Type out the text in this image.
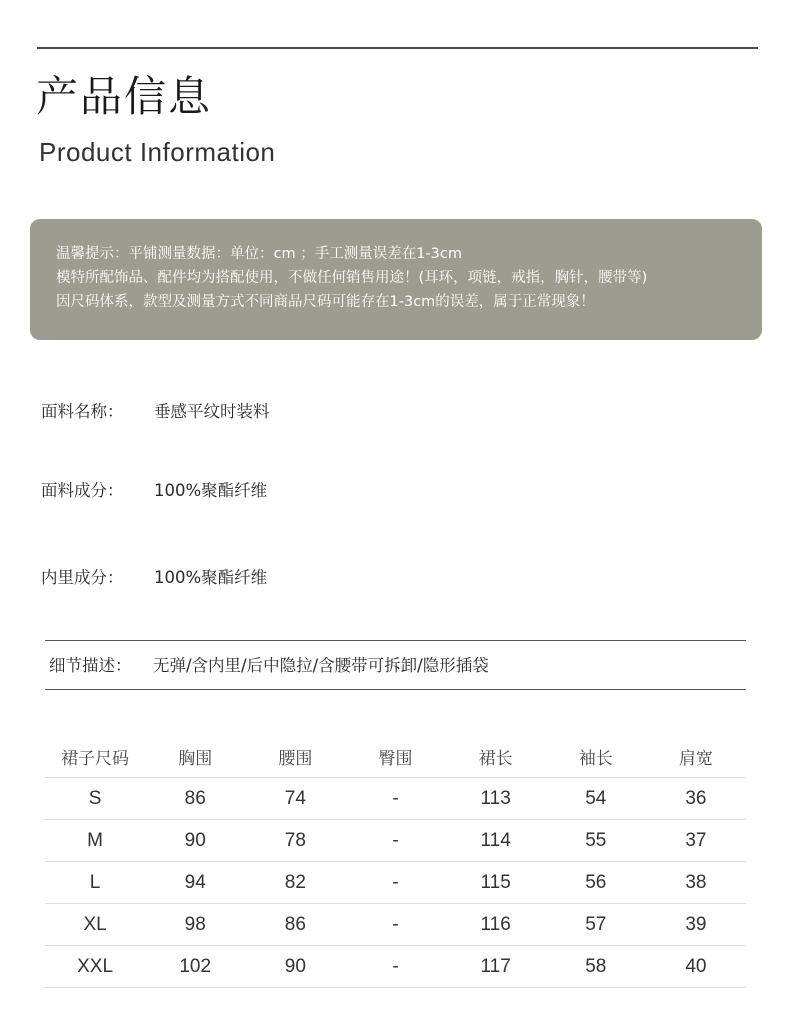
产品信息
Product Information

温馨提示：平铺测量数据：单位：cm ；手工测量误差在1-3cm

模特所配饰品、配件均为搭配使用，不做任何销售用途！(耳环，项链，戒指，胸针，腰带等)

因尺码体系，款型及测量方式不同商品尺码可能存在1-3cm的误差，属于正常现象！

面料名称： 垂感平纹时装料
面料成分： 100%聚酯纤维
内里成分： 100%聚酯纤维
细节描述： 无弹/含内里/后中隐拉/含腰带可拆卸/隐形插袋
裙子尺码	胸围	腰围	臀围	裙长	袖长	肩宽
S	86	74	-	113	54	36
M	90	78	-	114	55	37
L	94	82	-	115	56	38
XL	98	86	-	116	57	39
XXL	102	90	-	117	58	40
